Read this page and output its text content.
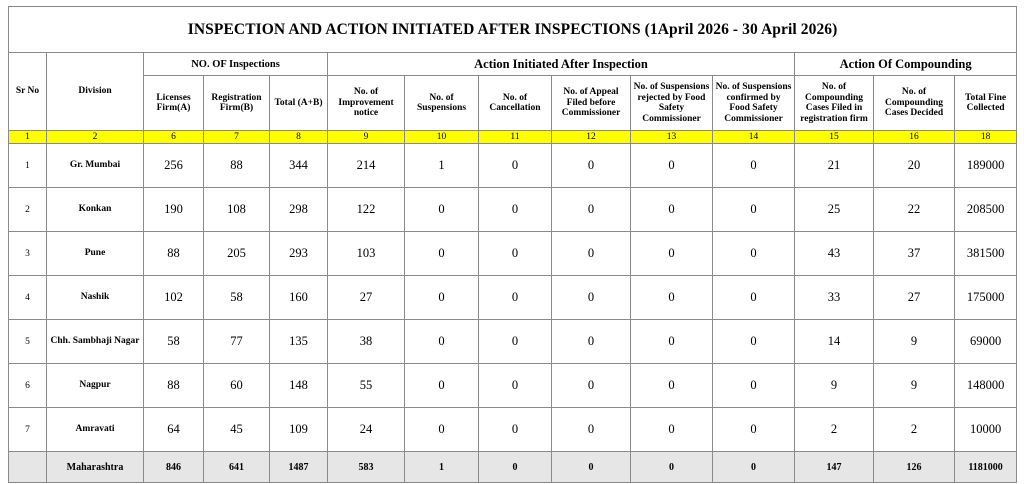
INSPECTION AND ACTION INITIATED AFTER INSPECTIONS (1April 2026 - 30 April 2026)													
Sr No	Division	NO. OF Inspections			Action Initiated After Inspection						Action Of Compounding		
		Licenses Firm(A)	Registration Firm(B)	Total (A+B)	No. of Improvement notice	No. of Suspensions	No. of Cancellation	No. of Appeal Filed before Commissioner	No. of Suspensions rejected by Food Safety Commissioner	No. of Suspensions confirmed by Food Safety Commissioner	No. of Compounding Cases Filed in registration firm	No. of Compounding Cases Decided	Total Fine Collected
1	2	6	7	8	9	10	11	12	13	14	15	16	18
1	Gr. Mumbai	256	88	344	214	1	0	0	0	0	21	20	189000
2	Konkan	190	108	298	122	0	0	0	0	0	25	22	208500
3	Pune	88	205	293	103	0	0	0	0	0	43	37	381500
4	Nashik	102	58	160	27	0	0	0	0	0	33	27	175000
5	Chh. Sambhaji Nagar	58	77	135	38	0	0	0	0	0	14	9	69000
6	Nagpur	88	60	148	55	0	0	0	0	0	9	9	148000
7	Amravati	64	45	109	24	0	0	0	0	0	2	2	10000
	Maharashtra	846	641	1487	583	1	0	0	0	0	147	126	1181000
